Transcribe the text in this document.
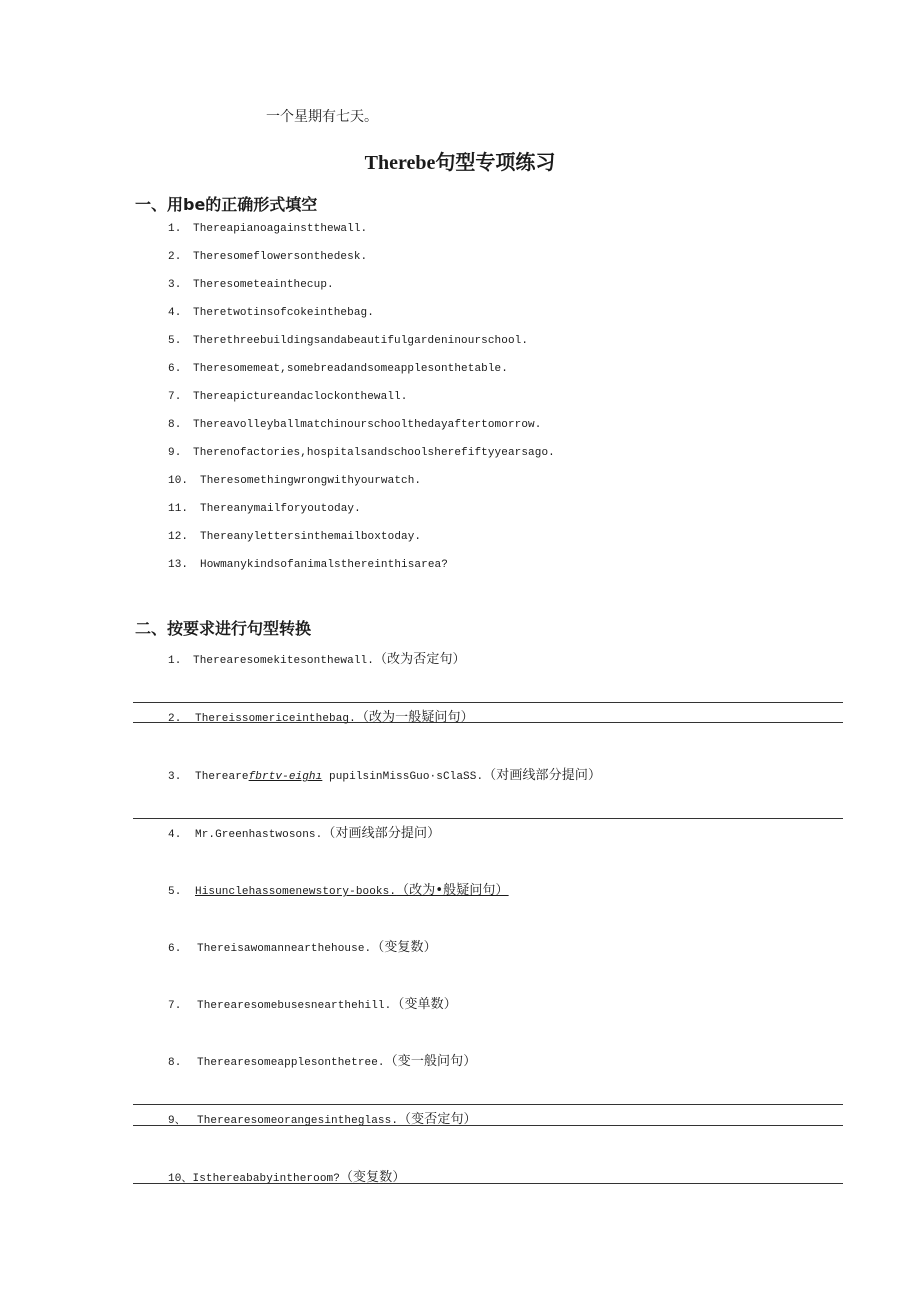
一个星期有七天。
Therebe句型专项练习
一、用be的正确形式填空
1. Thereapianoagainstthewall.
2. Theresomeflowersonthedesk.
3. Theresometeainthecup.
4. Theretwotinsofcokeinthebag.
5. Therethreebuildingsandabeautifulgardeninourschool.
6. Theresomemeat,somebreadandsomeapplesonthetable.
7. Thereapictureandaclockonthewall.
8. Thereavolleyballmatchinourschoolthedayaftertomorrow.
9. Therenofactories,hospitalsandschoolsherefiftyyearsago.
10. Theresomethingwrongwithyourwatch.
11. Thereanymailforyoutoday.
12. Thereanylettersinthemailboxtoday.
13. Howmanykindsofanimalsthereinthisarea?
二、按要求进行句型转换
1. Therearesomekitesonthewall.（改为否定句）
2. Thereissomericeinthebag.（改为一般疑问句）
3. Therearefbrtv-eighı pupilsinMissGuo·sClaSS.（对画线部分提问）
4. Mr.Greenhastwosons.（对画线部分提问）
5. Hisunclehassomenewstory-books.（改为•般疑问句）
6. Thereisawomannearthehouse.（变复数）
7. Therearesomebusesnearthehill.（变单数）
8. Therearesomeapplesonthetree.（变一般问句）
9、 Therearesomeorangesintheglass.（变否定句）
10、Isthereababyintheroom?（变复数）
